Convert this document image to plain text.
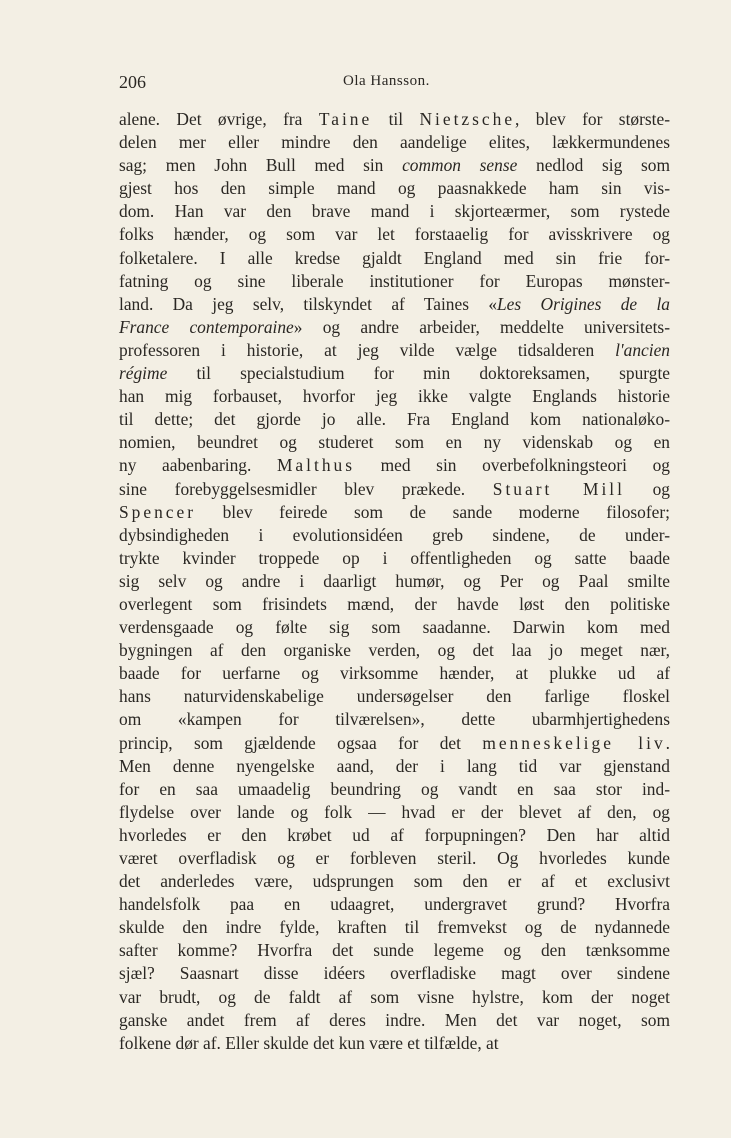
206	Ola Hansson.
alene. Det øvrige, fra Taine til Nietzsche, blev for største-
delen mer eller mindre den aandelige elites, lækkermundenes
sag; men John Bull med sin common sense nedlod sig som
gjest hos den simple mand og paasnakkede ham sin vis-
dom. Han var den brave mand i skjorteærmer, som rystede
folks hænder, og som var let forstaaelig for avisskrivere og
folketalere. I alle kredse gjaldt England med sin frie for-
fatning og sine liberale institutioner for Europas mønster-
land. Da jeg selv, tilskyndet af Taines «Les Origines de la
France contemporaine» og andre arbeider, meddelte universitets-
professoren i historie, at jeg vilde vælge tidsalderen l'ancien
régime til specialstudium for min doktoreksamen, spurgte
han mig forbauset, hvorfor jeg ikke valgte Englands historie
til dette; det gjorde jo alle. Fra England kom nationaløko-
nomien, beundret og studeret som en ny videnskab og en
ny aabenbaring. Malthus med sin overbefolkningsteori og
sine forebyggelsesmidler blev prækede. Stuart Mill og
Spencer blev feirede som de sande moderne filosofer;
dybsindigheden i evolutionsidéen greb sindene, de under-
trykte kvinder troppede op i offentligheden og satte baade
sig selv og andre i daarligt humør, og Per og Paal smilte
overlegent som frisindets mænd, der havde løst den politiske
verdensgaade og følte sig som saadanne. Darwin kom med
bygningen af den organiske verden, og det laa jo meget nær,
baade for uerfarne og virksomme hænder, at plukke ud af
hans naturvidenskabelige undersøgelser den farlige floskel
om «kampen for tilværelsen», dette ubarmhjertighedens
princip, som gjældende ogsaa for det menneskelige liv.
Men denne nyengelske aand, der i lang tid var gjenstand
for en saa umaadelig beundring og vandt en saa stor ind-
flydelse over lande og folk — hvad er der blevet af den, og
hvorledes er den krøbet ud af forpupningen? Den har altid
været overfladisk og er forbleven steril. Og hvorledes kunde
det anderledes være, udsprungen som den er af et exclusivt
handelsfolk paa en udaagret, undergravet grund? Hvorfra
skulde den indre fylde, kraften til fremvekst og de nydannede
safter komme? Hvorfra det sunde legeme og den tænksomme
sjæl? Saasnart disse idéers overfladiske magt over sindene
var brudt, og de faldt af som visne hylstre, kom der noget
ganske andet frem af deres indre. Men det var noget, som
folkene dør af. Eller skulde det kun være et tilfælde, at
